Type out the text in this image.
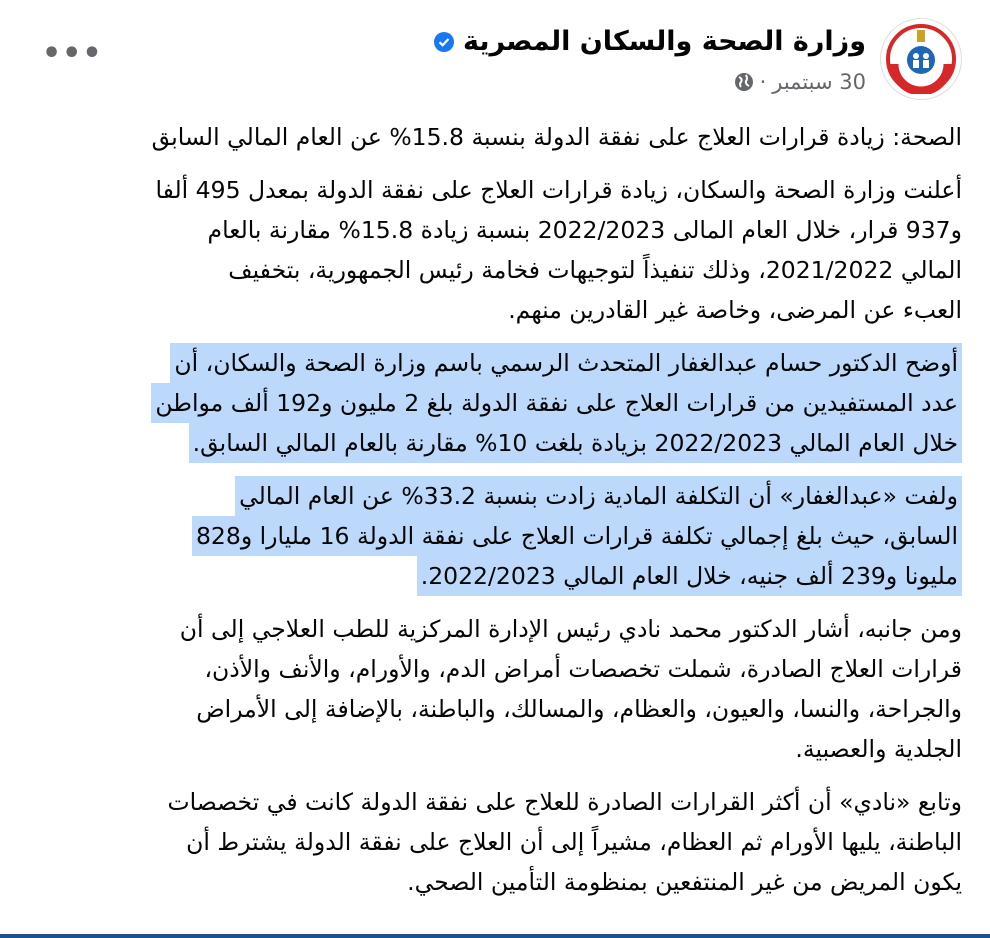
وزارة الصحة والسكان المصرية
30 سبتمبر
·
•••
الصحة: زيادة قرارات العلاج على نفقة الدولة بنسبة 15.8% عن العام المالي السابق
أعلنت وزارة الصحة والسكان، زيادة قرارات العلاج على نفقة الدولة بمعدل 495 ألفا
و937 قرار، خلال العام المالى 2022/2023 بنسبة زيادة 15.8% مقارنة بالعام
المالي 2021/2022، وذلك تنفيذاً لتوجيهات فخامة رئيس الجمهورية، بتخفيف
العبء عن المرضى، وخاصة غير القادرين منهم.
أوضح الدكتور حسام عبدالغفار المتحدث الرسمي باسم وزارة الصحة والسكان، أن
عدد المستفيدين من قرارات العلاج على نفقة الدولة بلغ 2 مليون و192 ألف مواطن
خلال العام المالي 2022/2023 بزيادة بلغت 10% مقارنة بالعام المالي السابق.
ولفت «عبدالغفار» أن التكلفة المادية زادت بنسبة 33.2% عن العام المالي
السابق، حيث بلغ إجمالي تكلفة قرارات العلاج على نفقة الدولة 16 مليارا و828
مليونا و239 ألف جنيه، خلال العام المالي 2022/2023.
ومن جانبه، أشار الدكتور محمد نادي رئيس الإدارة المركزية للطب العلاجي إلى أن
قرارات العلاج الصادرة، شملت تخصصات أمراض الدم، والأورام، والأنف والأذن،
والجراحة، والنسا، والعيون، والعظام، والمسالك، والباطنة، بالإضافة إلى الأمراض
الجلدية والعصبية.
وتابع «نادي» أن أكثر القرارات الصادرة للعلاج على نفقة الدولة كانت في تخصصات
الباطنة، يليها الأورام ثم العظام، مشيراً إلى أن العلاج على نفقة الدولة يشترط أن
يكون المريض من غير المنتفعين بمنظومة التأمين الصحي.
